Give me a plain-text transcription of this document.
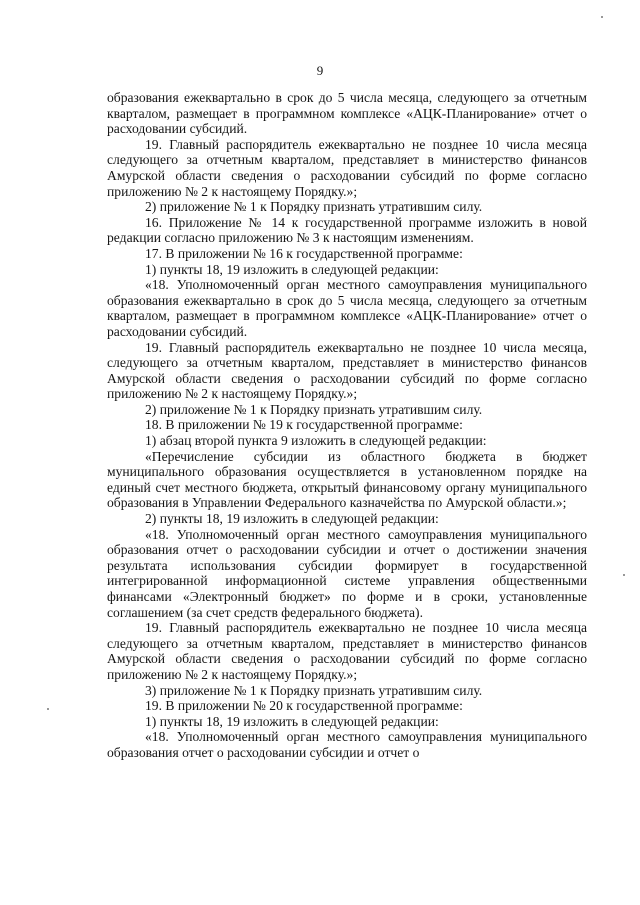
9

образования ежеквартально в срок до 5 числа месяца, следующего за отчетным кварталом, размещает в программном комплексе «АЦК-Планирование» отчет о расходовании субсидий.

19. Главный распорядитель ежеквартально не позднее 10 числа месяца следующего за отчетным кварталом, представляет в министерство финансов Амурской области сведения о расходовании субсидий по форме согласно приложению № 2 к настоящему Порядку.»;

2) приложение № 1 к Порядку признать утратившим силу.

16. Приложение № 14 к государственной программе изложить в новой редакции согласно приложению № 3 к настоящим изменениям.

17. В приложении № 16 к государственной программе:

1) пункты 18, 19 изложить в следующей редакции:

«18. Уполномоченный орган местного самоуправления муниципального образования ежеквартально в срок до 5 числа месяца, следующего за отчетным кварталом, размещает в программном комплексе «АЦК-Планирование» отчет о расходовании субсидий.

19. Главный распорядитель ежеквартально не позднее 10 числа месяца, следующего за отчетным кварталом, представляет в министерство финансов Амурской области сведения о расходовании субсидий по форме согласно приложению № 2 к настоящему Порядку.»;

2) приложение № 1 к Порядку признать утратившим силу.

18. В приложении № 19 к государственной программе:

1) абзац второй пункта 9 изложить в следующей редакции:

«Перечисление субсидии из областного бюджета в бюджет муниципального образования осуществляется в установленном порядке на единый счет местного бюджета, открытый финансовому органу муниципального образования в Управлении Федерального казначейства по Амурской области.»;

2) пункты 18, 19 изложить в следующей редакции:

«18. Уполномоченный орган местного самоуправления муниципального образования отчет о расходовании субсидии и отчет о достижении значения результата использования субсидии формирует в государственной интегрированной информационной системе управления общественными финансами «Электронный бюджет» по форме и в сроки, установленные соглашением (за счет средств федерального бюджета).

19. Главный распорядитель ежеквартально не позднее 10 числа месяца следующего за отчетным кварталом, представляет в министерство финансов Амурской области сведения о расходовании субсидий по форме согласно приложению № 2 к настоящему Порядку.»;

3) приложение № 1 к Порядку признать утратившим силу.

19. В приложении № 20 к государственной программе:

1) пункты 18, 19 изложить в следующей редакции:

«18. Уполномоченный орган местного самоуправления муниципального образования отчет о расходовании субсидии и отчет о
